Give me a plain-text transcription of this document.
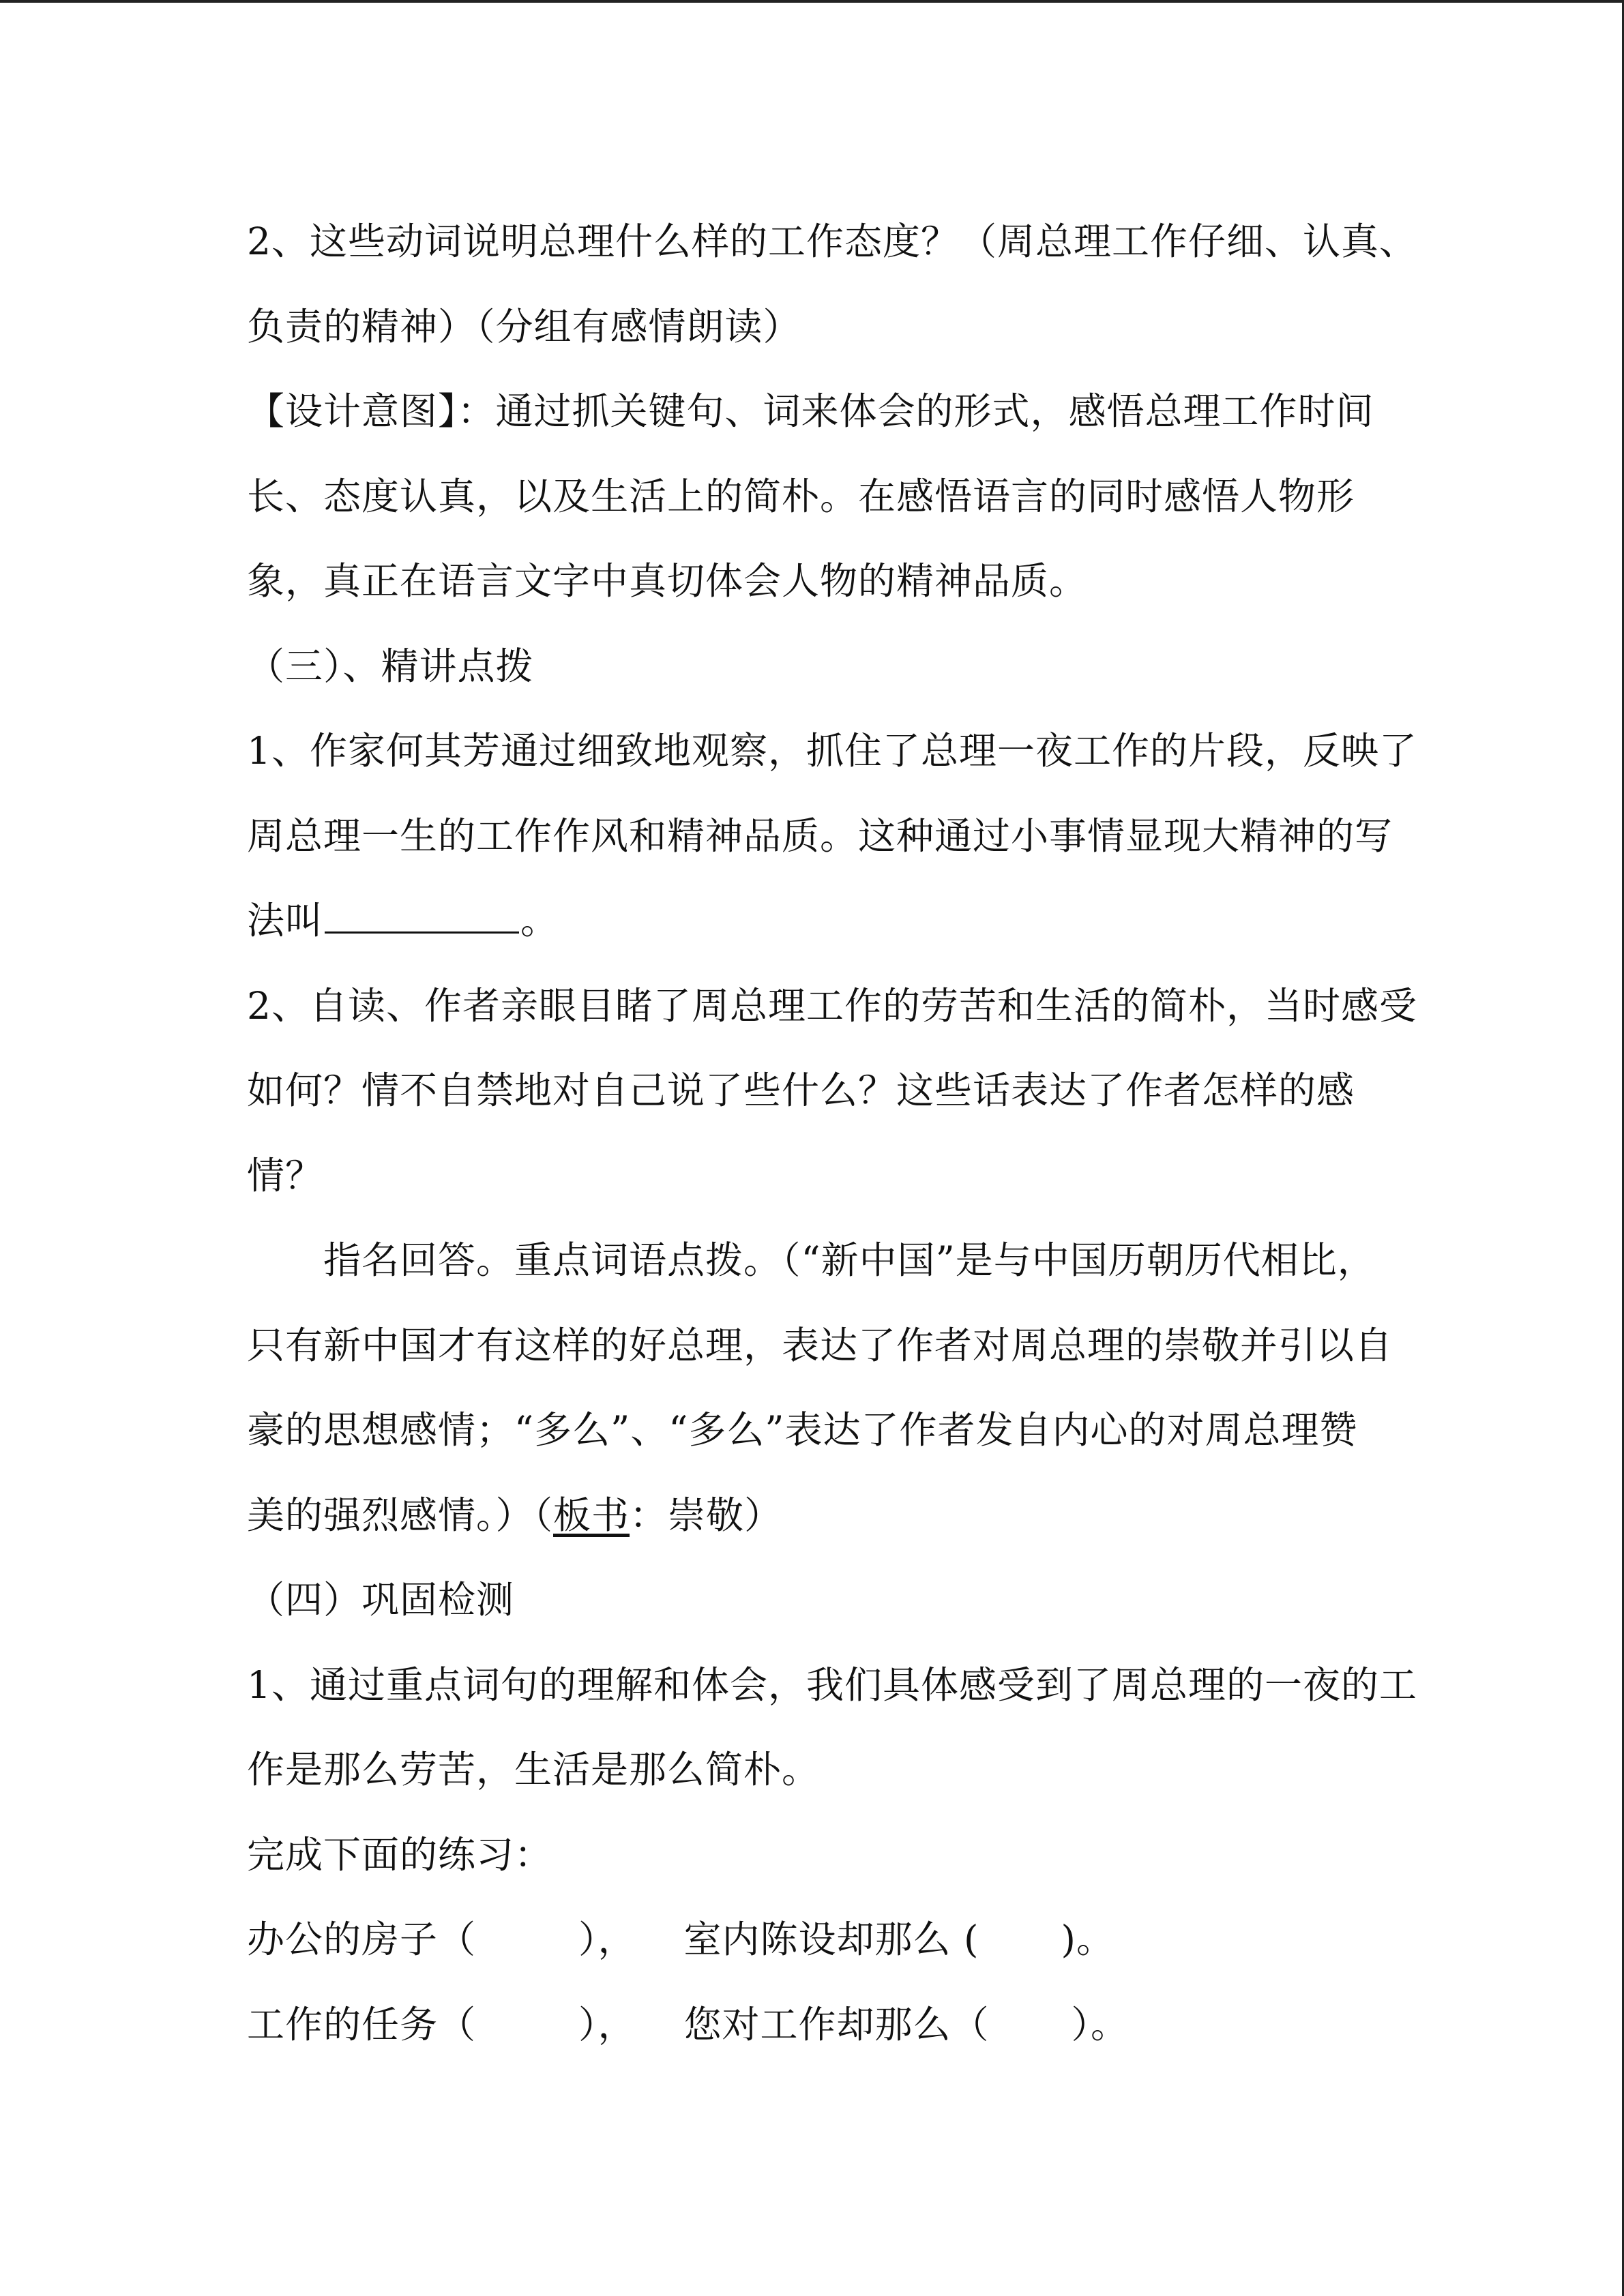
2、这些动词说明总理什么样的工作态度？（周总理工作仔细、认真、
负责的精神）（分组有感情朗读）
【设计意图】：通过抓关键句、词来体会的形式，感悟总理工作时间
长、态度认真，以及生活上的简朴。在感悟语言的同时感悟人物形
象，真正在语言文字中真切体会人物的精神品质。
（三）、精讲点拨
1、作家何其芳通过细致地观察，抓住了总理一夜工作的片段，反映了
周总理一生的工作作风和精神品质。这种通过小事情显现大精神的写
法叫	。
2、自读、作者亲眼目睹了周总理工作的劳苦和生活的简朴，当时感受
如何？情不自禁地对自己说了些什么？这些话表达了作者怎样的感
情？
指名回答。重点词语点拨。（“新中国”是与中国历朝历代相比，
只有新中国才有这样的好总理，表达了作者对周总理的崇敬并引以自
豪的思想感情；“多么”、“多么”表达了作者发自内心的对周总理赞
美的强烈感情。）（板书：崇敬）
（四）巩固检测
1、通过重点词句的理解和体会，我们具体感受到了周总理的一夜的工
作是那么劳苦，生活是那么简朴。
完成下面的练习：
办公的房子（	）， 室内陈设却那么 ( )。
工作的任务（	）， 您对工作却那么（ ）。
